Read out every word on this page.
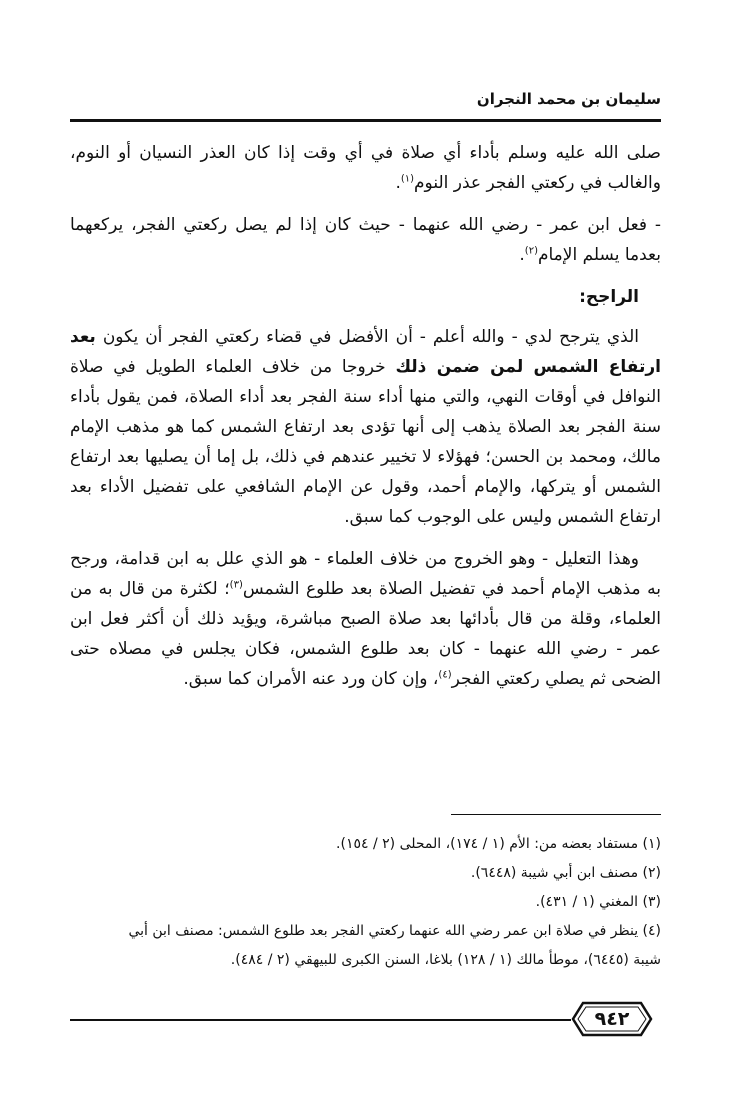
سليمان بن محمد النجران

صلى الله عليه وسلم بأداء أي صلاة في أي وقت إذا كان العذر النسيان أو النوم، والغالب في ركعتي الفجر عذر النوم$^{(١)}$.

- فعل ابن عمر - رضي الله عنهما - حيث كان إذا لم يصل ركعتي الفجر، يركعهما بعدما يسلم الإمام$^{(٢)}$.

الراجح:

الذي يترجح لدي - والله أعلم - أن الأفضل في قضاء ركعتي الفجر أن يكون بعد ارتفاع الشمس لمن ضمن ذلك خروجا من خلاف العلماء الطويل في صلاة النوافل في أوقات النهي، والتي منها أداء سنة الفجر بعد أداء الصلاة، فمن يقول بأداء سنة الفجر بعد الصلاة يذهب إلى أنها تؤدى بعد ارتفاع الشمس كما هو مذهب الإمام مالك، ومحمد بن الحسن؛ فهؤلاء لا تخيير عندهم في ذلك، بل إما أن يصليها بعد ارتفاع الشمس أو يتركها، والإمام أحمد، وقول عن الإمام الشافعي على تفضيل الأداء بعد ارتفاع الشمس وليس على الوجوب كما سبق.

وهذا التعليل - وهو الخروج من خلاف العلماء - هو الذي علل به ابن قدامة، ورجح به مذهب الإمام أحمد في تفضيل الصلاة بعد طلوع الشمس$^{(٣)}$؛ لكثرة من قال به من العلماء، وقلة من قال بأدائها بعد صلاة الصبح مباشرة، ويؤيد ذلك أن أكثر فعل ابن عمر - رضي الله عنهما - كان بعد طلوع الشمس، فكان يجلس في مصلاه حتى الضحى ثم يصلي ركعتي الفجر$^{(٤)}$، وإن كان ورد عنه الأمران كما سبق.

(١) مستفاد بعضه من: الأم (١ / ١٧٤)، المحلى (٢ / ١٥٤).

(٢) مصنف ابن أبي شيبة (٦٤٤٨).

(٣) المغني (١ / ٤٣١).

(٤) ينظر في صلاة ابن عمر رضي الله عنهما ركعتي الفجر بعد طلوع الشمس: مصنف ابن أبي
شيبة (٦٤٤٥)، موطأ مالك (١ / ١٢٨) بلاغا، السنن الكبرى للبيهقي (٢ / ٤٨٤).

٩٤٢
